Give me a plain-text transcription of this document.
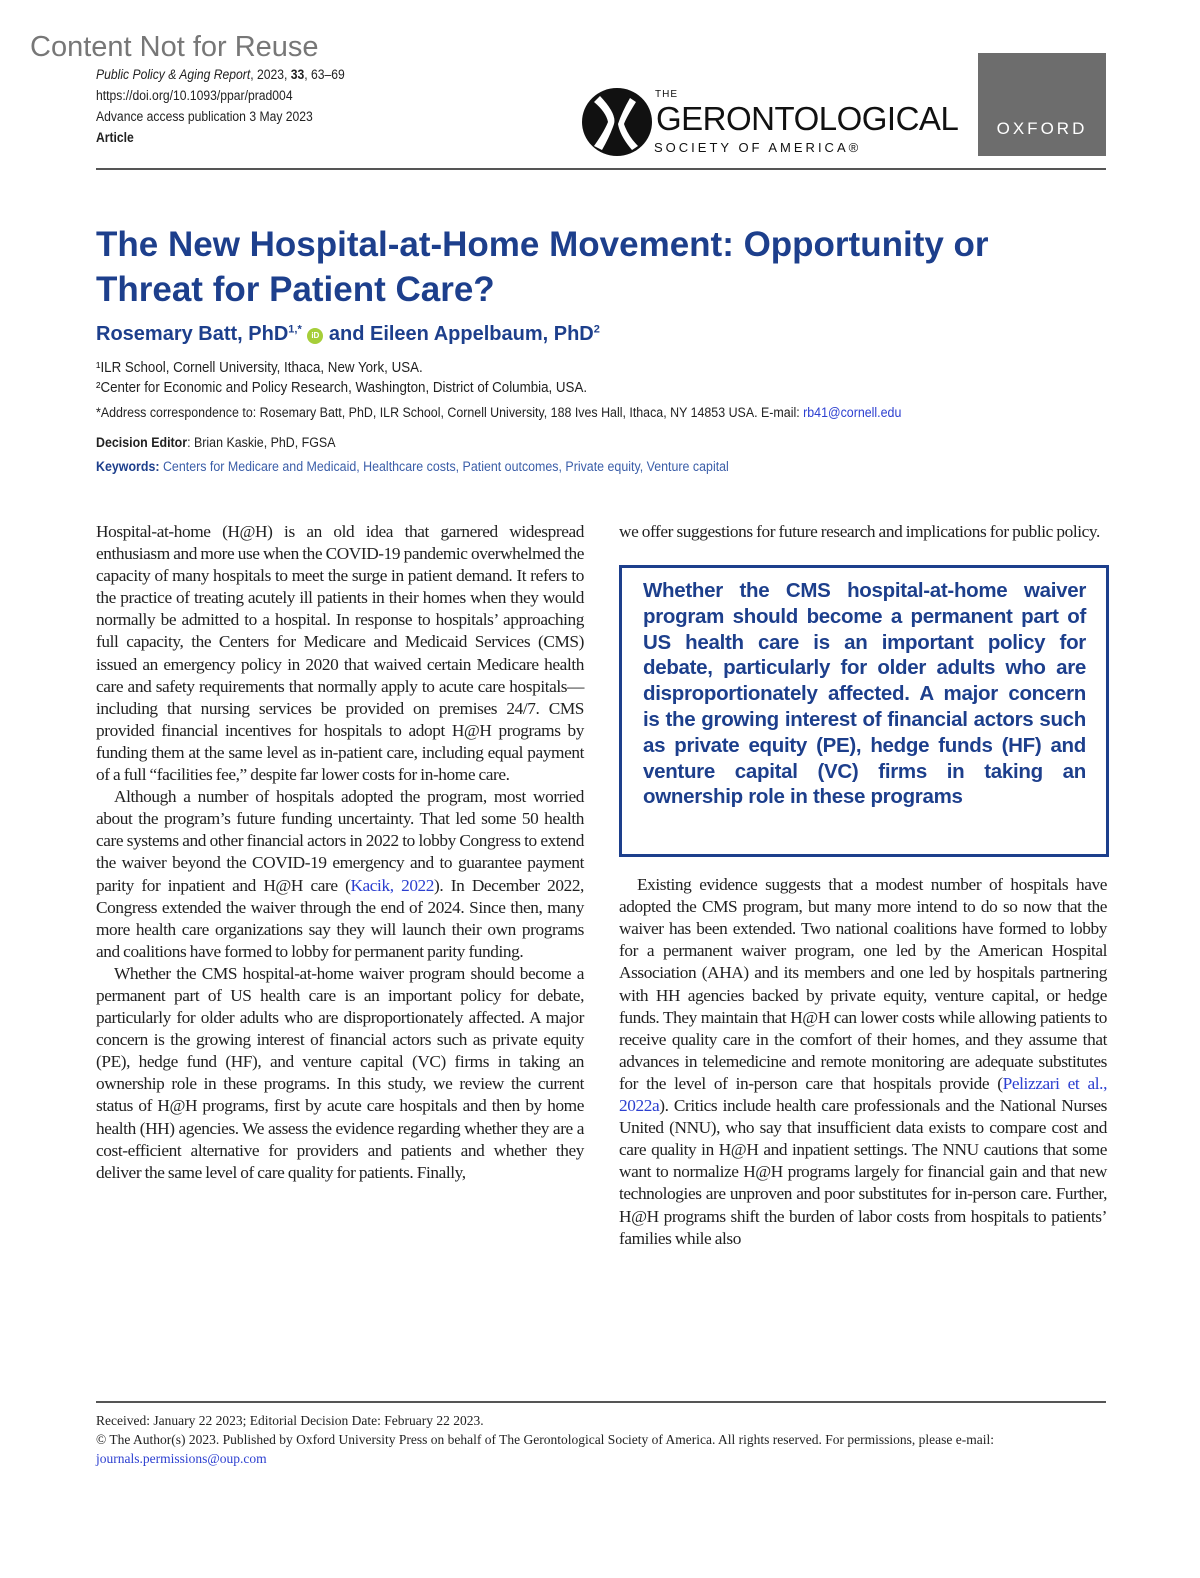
Content Not for Reuse
Public Policy & Aging Report, 2023, 33, 63–69
https://doi.org/10.1093/ppar/prad004
Advance access publication 3 May 2023
Article
THE
GERONTOLOGICAL
SOCIETY OF AMERICA®
OXFORD
The New Hospital-at-Home Movement: Opportunity or Threat for Patient Care?
Rosemary Batt, PhD$^{1,*}$ iD and Eileen Appelbaum, PhD$^2$
¹ILR School, Cornell University, Ithaca, New York, USA.
²Center for Economic and Policy Research, Washington, District of Columbia, USA.
*Address correspondence to: Rosemary Batt, PhD, ILR School, Cornell University, 188 Ives Hall, Ithaca, NY 14853 USA. E-mail: rb41@cornell.edu
Decision Editor: Brian Kaskie, PhD, FGSA
Keywords: Centers for Medicare and Medicaid, Healthcare costs, Patient outcomes, Private equity, Venture capital

Hospital-at-home (H@H) is an old idea that garnered widespread enthusiasm and more use when the COVID-19 pandemic overwhelmed the capacity of many hospitals to meet the surge in patient demand. It refers to the practice of treating acutely ill patients in their homes when they would normally be admitted to a hospital. In response to hospitals’ approaching full capacity, the Centers for Medicare and Medicaid Services (CMS) issued an emergency policy in 2020 that waived certain Medicare health care and safety requirements that normally apply to acute care hospitals—including that nursing services be provided on premises 24/7. CMS provided financial incentives for hospitals to adopt H@H programs by funding them at the same level as in-patient care, including equal payment of a full “facilities fee,” despite far lower costs for in-home care.

Although a number of hospitals adopted the program, most worried about the program’s future funding uncertainty. That led some 50 health care systems and other financial actors in 2022 to lobby Congress to extend the waiver beyond the COVID-19 emergency and to guarantee payment parity for inpatient and H@H care (Kacik, 2022). In December 2022, Congress extended the waiver through the end of 2024. Since then, many more health care organizations say they will launch their own programs and coalitions have formed to lobby for permanent parity funding.

Whether the CMS hospital-at-home waiver program should become a permanent part of US health care is an important policy for debate, particularly for older adults who are disproportionately affected. A major concern is the growing interest of financial actors such as private equity (PE), hedge fund (HF), and venture capital (VC) firms in taking an ownership role in these programs. In this study, we review the current status of H@H programs, first by acute care hospitals and then by home health (HH) agencies. We assess the evidence regarding whether they are a cost-efficient alternative for providers and patients and whether they deliver the same level of care quality for patients. Finally,

we offer suggestions for future research and implications for public policy.

Whether the CMS hospital-at-home waiver program should become a permanent part of US health care is an important policy for debate, particularly for older adults who are disproportionately affected. A major concern is the growing interest of financial actors such as private equity (PE), hedge funds (HF) and venture capital (VC) firms in taking an ownership role in these programs

Existing evidence suggests that a modest number of hospitals have adopted the CMS program, but many more intend to do so now that the waiver has been extended. Two national coalitions have formed to lobby for a permanent waiver program, one led by the American Hospital Association (AHA) and its members and one led by hospitals partnering with HH agencies backed by private equity, venture capital, or hedge funds. They maintain that H@H can lower costs while allowing patients to receive quality care in the comfort of their homes, and they assume that advances in telemedicine and remote monitoring are adequate substitutes for the level of in-person care that hospitals provide (Pelizzari et al., 2022a). Critics include health care professionals and the National Nurses United (NNU), who say that insufficient data exists to compare cost and care quality in H@H and inpatient settings. The NNU cautions that some want to normalize H@H programs largely for financial gain and that new technologies are unproven and poor substitutes for in-person care. Further, H@H programs shift the burden of labor costs from hospitals to patients’ families while also

Received: January 22 2023; Editorial Decision Date: February 22 2023.
© The Author(s) 2023. Published by Oxford University Press on behalf of The Gerontological Society of America. All rights reserved. For permissions, please e-mail: journals.permissions@oup.com
